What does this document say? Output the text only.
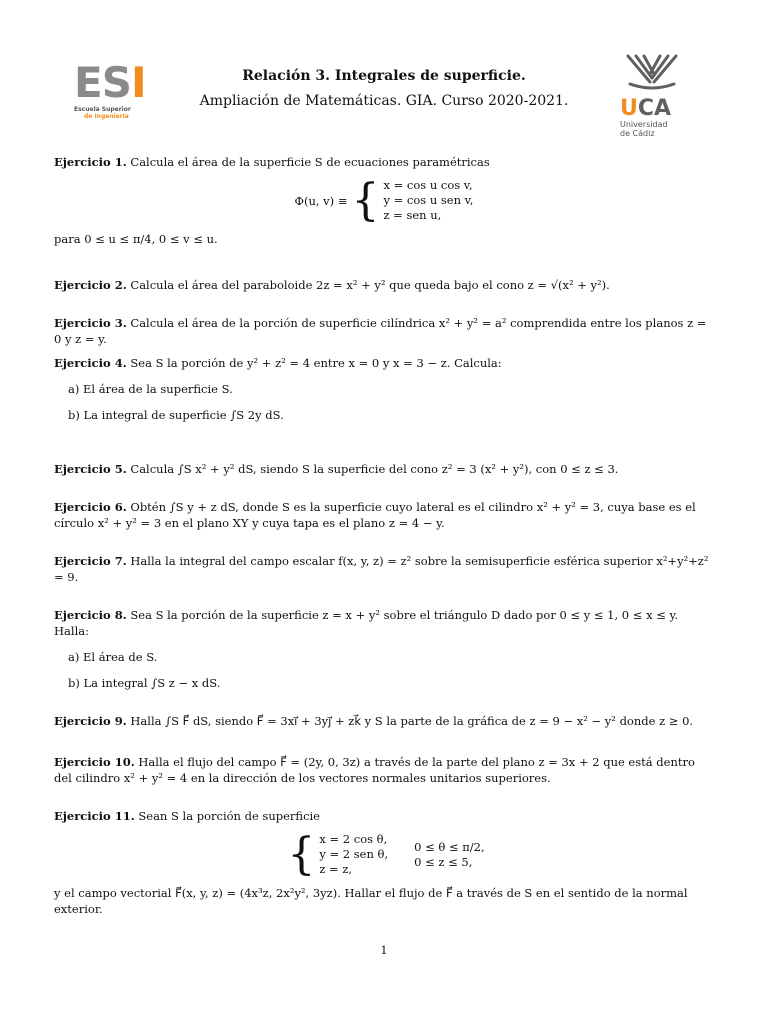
ESI
Escuela Superior
de Ingeniería	UCA
Universidad
de Cádiz
Relación 3. Integrales de superficie.
Ampliación de Matemáticas. GIA. Curso 2020-2021.
Ejercicio 1. Calcula el área de la superficie S de ecuaciones paramétricas
Φ(u, v) ≡ { x = cos u cos v,
y = cos u sen v,
z = sen u,
para 0 ≤ u ≤ π/4, 0 ≤ v ≤ u.
Ejercicio 2. Calcula el área del paraboloide 2z = x² + y² que queda bajo el cono z = √(x² + y²).
Ejercicio 3. Calcula el área de la porción de superficie cilíndrica x² + y² = a² comprendida entre los planos z = 0 y z = y.
Ejercicio 4. Sea S la porción de y² + z² = 4 entre x = 0 y x = 3 − z. Calcula:
a) El área de la superficie S.
b) La integral de superficie ∫S 2y dS.
Ejercicio 5. Calcula ∫S x² + y² dS, siendo S la superficie del cono z² = 3 (x² + y²), con 0 ≤ z ≤ 3.
Ejercicio 6. Obtén ∫S y + z dS, donde S es la superficie cuyo lateral es el cilindro x² + y² = 3, cuya base es el círculo x² + y² = 3 en el plano XY y cuya tapa es el plano z = 4 − y.
Ejercicio 7. Halla la integral del campo escalar f(x, y, z) = z² sobre la semisuperficie esférica superior x²+y²+z² = 9.
Ejercicio 8. Sea S la porción de la superficie z = x + y² sobre el triángulo D dado por 0 ≤ y ≤ 1, 0 ≤ x ≤ y. Halla:
a) El área de S.
b) La integral ∫S z − x dS.
Ejercicio 9. Halla ∫S F⃗ dS, siendo F⃗ = 3xi⃗ + 3yj⃗ + zk⃗ y S la parte de la gráfica de z = 9 − x² − y² donde z ≥ 0.
Ejercicio 10. Halla el flujo del campo F⃗ = (2y, 0, 3z) a través de la parte del plano z = 3x + 2 que está dentro del cilindro x² + y² = 4 en la dirección de los vectores normales unitarios superiores.
Ejercicio 11. Sean S la porción de superficie
{ x = 2 cos θ,
y = 2 sen θ,
z = z,
0 ≤ θ ≤ π/2,
0 ≤ z ≤ 5,
y el campo vectorial F⃗(x, y, z) = (4x³z, 2x²y², 3yz). Hallar el flujo de F⃗ a través de S en el sentido de la normal exterior.
1
